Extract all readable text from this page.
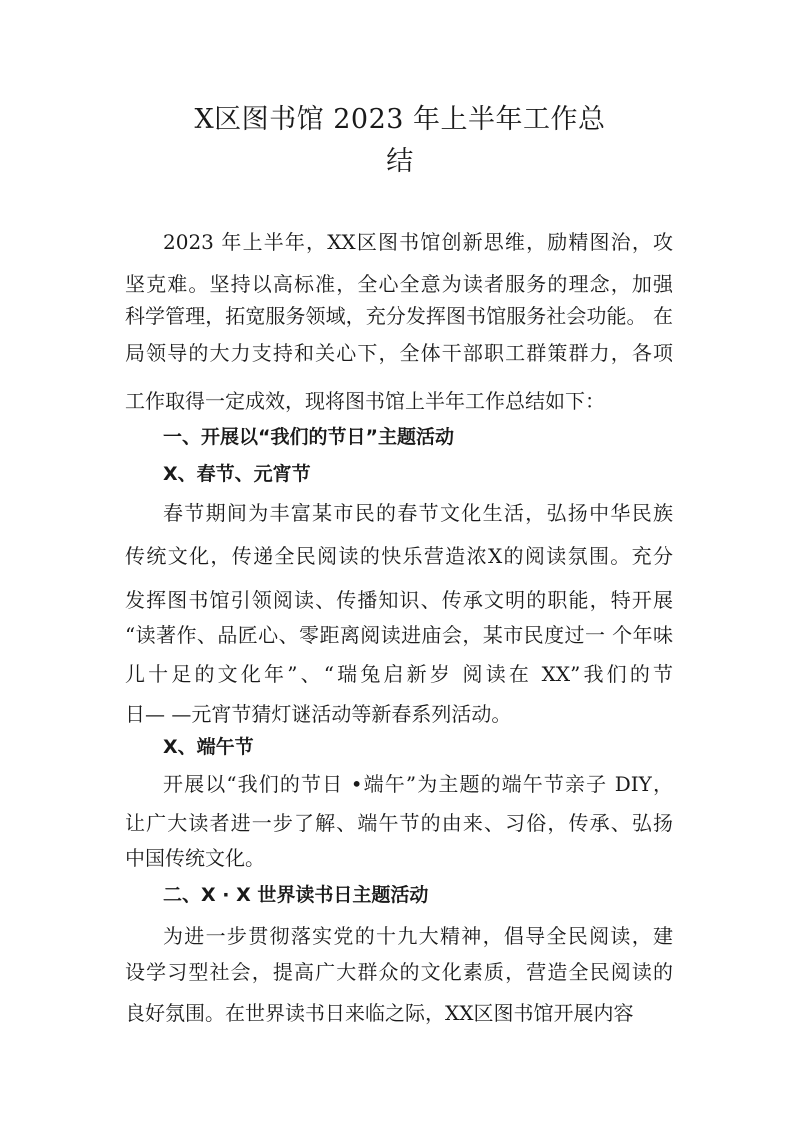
X区图书馆 2023 年上半年工作总
结
2023 年上半年，XX区图书馆创新思维，励精图治，攻
坚克难。坚持以高标准，全心全意为读者服务的理念，加强
科学管理，拓宽服务领域，充分发挥图书馆服务社会功能。 在
局领导的大力支持和关心下，全体干部职工群策群力，各项
工作取得一定成效，现将图书馆上半年工作总结如下：
一、开展以“我们的节日”主题活动
X、春节、元宵节
春节期间为丰富某市民的春节文化生活，弘扬中华民族
传统文化，传递全民阅读的快乐营造浓X的阅读氛围。充分
发挥图书馆引领阅读、传播知识、传承文明的职能，特开展
“读著作、品匠心、零距离阅读进庙会，某市民度过一 个年味
儿十足的文化年”、“瑞兔启新岁 阅读在 XX”我们的节
日— —元宵节猜灯谜活动等新春系列活动。
X、端午节
开展以“我们的节日 •端午”为主题的端午节亲子 DIY，
让广大读者进一步了解、端午节的由来、习俗，传承、弘扬
中国传统文化。
二、X · X 世界读书日主题活动
为进一步贯彻落实党的十九大精神，倡导全民阅读，建
设学习型社会，提高广大群众的文化素质，营造全民阅读的
良好氛围。在世界读书日来临之际，XX区图书馆开展内容
